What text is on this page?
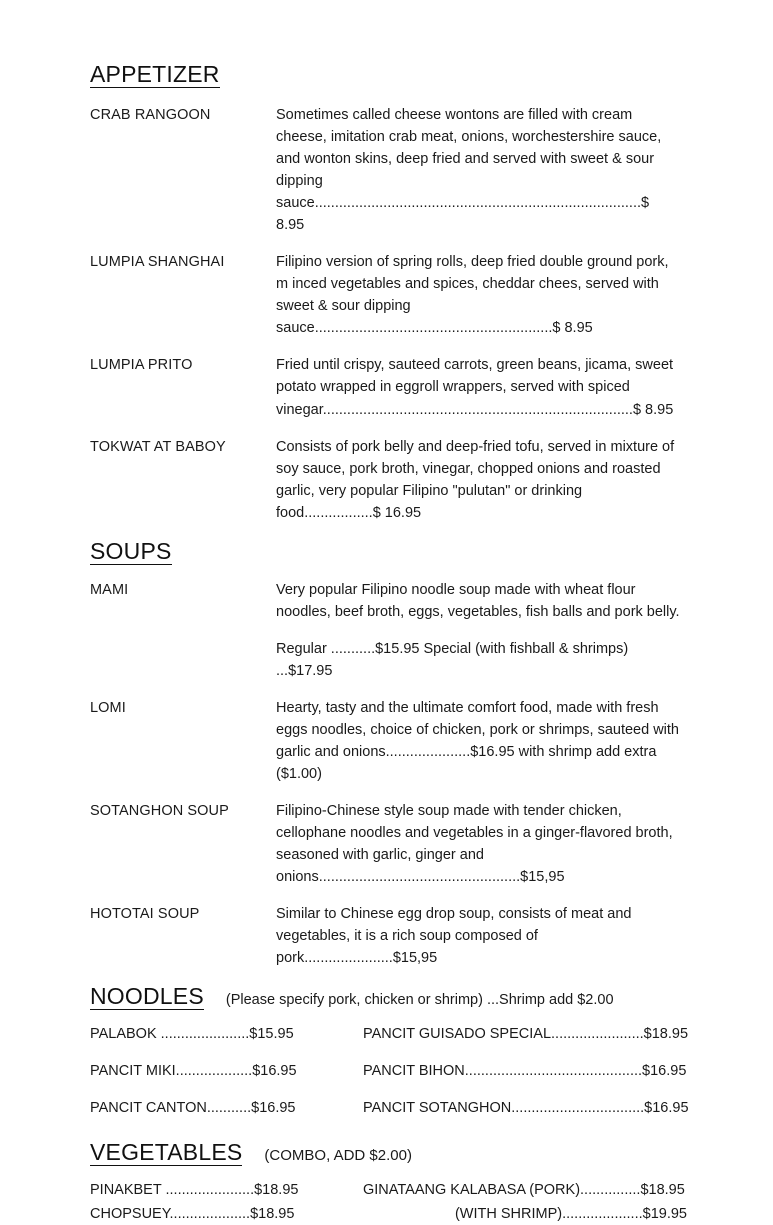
APPETIZER
CRAB RANGOON	Sometimes called cheese wontons are filled with cream cheese, imitation crab meat, onions, worchestershire sauce, and wonton skins, deep fried and served with sweet & sour dipping sauce.................................................................................$ 8.95
LUMPIA SHANGHAI	Filipino version of spring rolls, deep fried double ground pork, m inced vegetables and spices, cheddar chees, served with sweet & sour dipping sauce...........................................................$ 8.95
LUMPIA PRITO	Fried until crispy, sauteed carrots, green beans, jicama, sweet potato wrapped in eggroll wrappers, served with spiced vinegar.............................................................................$ 8.95
TOKWAT AT BABOY	Consists of pork belly and deep-fried tofu, served in mixture of soy sauce, pork broth, vinegar, chopped onions and roasted garlic, very popular Filipino "pulutan" or drinking food.................$ 16.95
SOUPS
MAMI	Very popular Filipino noodle soup made with wheat flour noodles, beef broth, eggs, vegetables, fish balls and pork belly.

Regular ...........$15.95 Special (with fishball & shrimps) ...$17.95

LOMI	Hearty, tasty and the ultimate comfort food, made with fresh eggs noodles, choice of chicken, pork or shrimps, sauteed with garlic and onions.....................$16.95 with shrimp add extra ($1.00)
SOTANGHON SOUP	Filipino-Chinese style soup made with tender chicken, cellophane noodles and vegetables in a ginger-flavored broth, seasoned with garlic, ginger and onions..................................................$15,95
HOTOTAI SOUP	Similar to Chinese egg drop soup, consists of meat and vegetables, it is a rich soup composed of pork......................$15,95
NOODLES (Please specify pork, chicken or shrimp) ...Shrimp add $2.00
PALABOK ......................$15.95	PANCIT GUISADO SPECIAL.......................$18.95
PANCIT MIKI...................$16.95	PANCIT BIHON............................................$16.95
PANCIT CANTON...........$16.95	PANCIT SOTANGHON.................................$16.95
VEGETABLES (COMBO, ADD $2.00)
PINAKBET ......................$18.95	GINATAANG KALABASA (PORK)...............$18.95
CHOPSUEY....................$18.95	(WITH SHRIMP)....................$19.95
